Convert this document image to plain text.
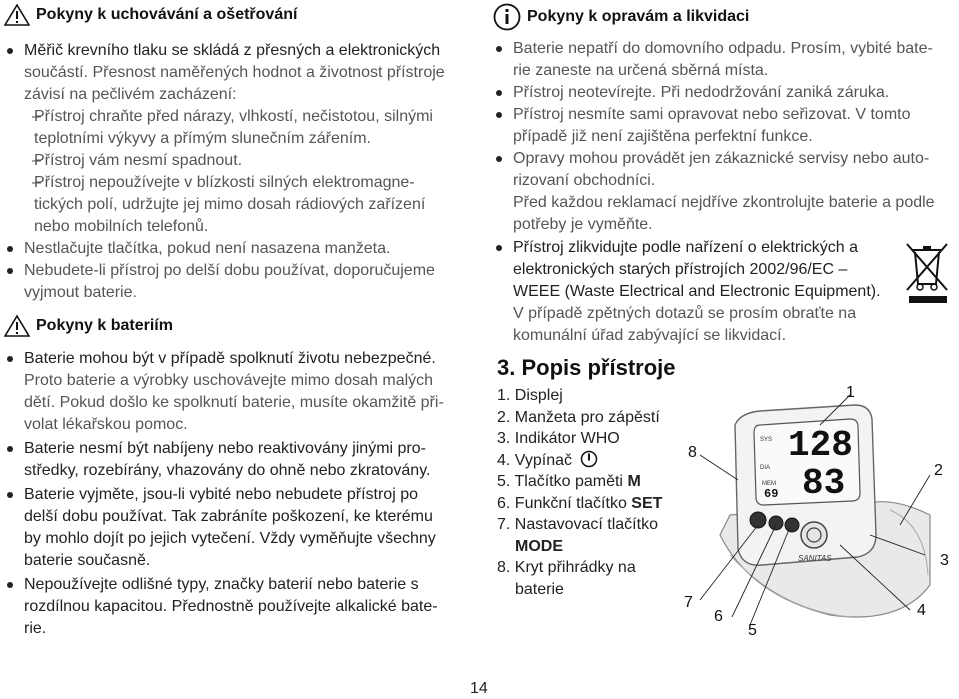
Pokyny k uchovávání a ošetřování
Měřič krevního tlaku se skládá z přesných a elektronických
součástí. Přesnost naměřených hodnot a životnost přístroje
závisí na pečlivém zacházení:
– Přístroj chraňte před nárazy, vlhkostí, nečistotou, silnými
teplotními výkyvy a přímým slunečním zářením.
– Přístroj vám nesmí spadnout.
– Přístroj nepoužívejte v blízkosti silných elektromagne-
tických polí, udržujte jej mimo dosah rádiových zařízení
nebo mobilních telefonů.
Nestlačujte tlačítka, pokud není nasazena manžeta.
Nebudete-li přístroj po delší dobu používat, doporučujeme
vyjmout baterie.
Pokyny k bateriím
Baterie mohou být v případě spolknutí životu nebezpečné.
Proto baterie a výrobky uschovávejte mimo dosah malých
dětí. Pokud došlo ke spolknutí baterie, musíte okamžitě při-
volat lékařskou pomoc.
Baterie nesmí být nabíjeny nebo reaktivovány jinými pro-
středky, rozebírány, vhazovány do ohně nebo zkratovány.
Baterie vyjměte, jsou-li vybité nebo nebudete přístroj po
delší dobu používat. Tak zabráníte poškození, ke kterému
by mohlo dojít po jejich vytečení. Vždy vyměňujte všechny
baterie současně.
Nepoužívejte odlišné typy, značky baterií nebo baterie s
rozdílnou kapacitou. Přednostně používejte alkalické bate-
rie.
Pokyny k opravám a likvidaci
Baterie nepatří do domovního odpadu. Prosím, vybité bate-
rie zaneste na určená sběrná místa.
Přístroj neotevírejte. Při nedodržování zaniká záruka.
Přístroj nesmíte sami opravovat nebo seřizovat. V tomto
případě již není zajištěna perfektní funkce.
Opravy mohou provádět jen zákaznické servisy nebo auto-
rizovaní obchodníci.
Před každou reklamací nejdříve zkontrolujte baterie a podle
potřeby je vyměňte.
Přístroj zlikvidujte podle nařízení o elektrických a
elektronických starých přístrojích 2002/96/EC –
WEEE (Waste Electrical and Electronic Equipment).
V případě zpětných dotazů se prosím obraťte na
komunální úřad zabývající se likvidací.
3. Popis přístroje
1. Displej
2. Manžeta pro zápěstí
3. Indikátor WHO
4. Vypínač
5. Tlačítko paměti M
6. Funkční tlačítko SET
7. Nastavovací tlačítko
MODE
8. Kryt přihrádky na
baterie
SYS
DIA
MEM
128
83
69
SANITAS
1
2
3
4
5
6
7
8
14
